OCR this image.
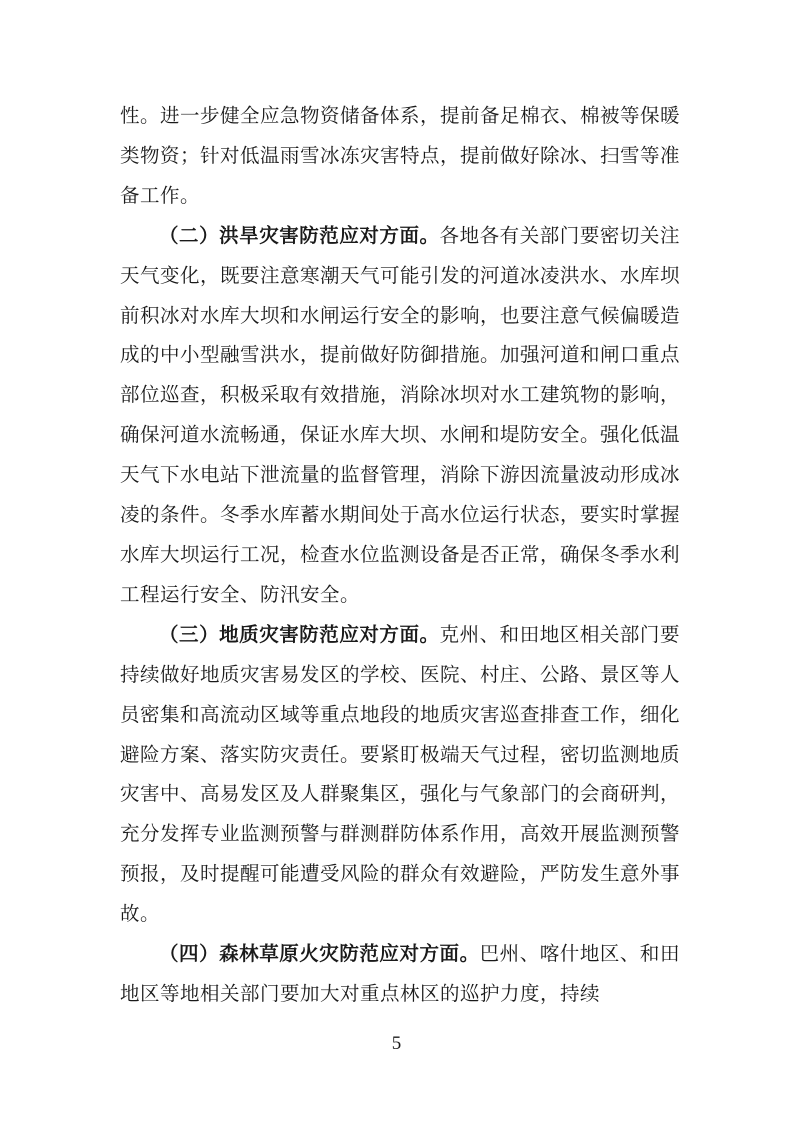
性。进一步健全应急物资储备体系，提前备足棉衣、棉被等保暖类物资；针对低温雨雪冰冻灾害特点，提前做好除冰、扫雪等准备工作。

（二）洪旱灾害防范应对方面。各地各有关部门要密切关注天气变化，既要注意寒潮天气可能引发的河道冰凌洪水、水库坝前积冰对水库大坝和水闸运行安全的影响，也要注意气候偏暖造成的中小型融雪洪水，提前做好防御措施。加强河道和闸口重点部位巡查，积极采取有效措施，消除冰坝对水工建筑物的影响，确保河道水流畅通，保证水库大坝、水闸和堤防安全。强化低温天气下水电站下泄流量的监督管理，消除下游因流量波动形成冰凌的条件。冬季水库蓄水期间处于高水位运行状态，要实时掌握水库大坝运行工况，检查水位监测设备是否正常，确保冬季水利工程运行安全、防汛安全。

（三）地质灾害防范应对方面。克州、和田地区相关部门要持续做好地质灾害易发区的学校、医院、村庄、公路、景区等人员密集和高流动区域等重点地段的地质灾害巡查排查工作，细化避险方案、落实防灾责任。要紧盯极端天气过程，密切监测地质灾害中、高易发区及人群聚集区，强化与气象部门的会商研判，充分发挥专业监测预警与群测群防体系作用，高效开展监测预警预报，及时提醒可能遭受风险的群众有效避险，严防发生意外事故。

（四）森林草原火灾防范应对方面。巴州、喀什地区、和田地区等地相关部门要加大对重点林区的巡护力度，持续

5
